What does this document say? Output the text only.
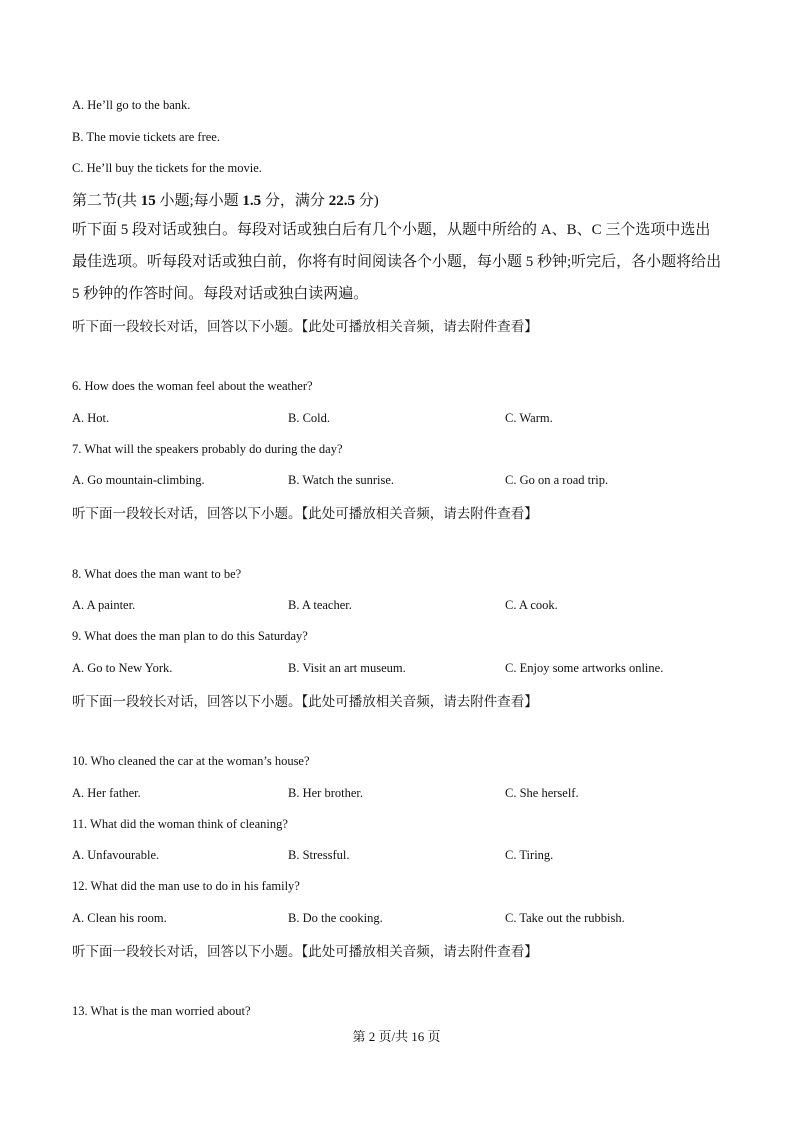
A. He’ll go to the bank.
B. The movie tickets are free.
C. He’ll buy the tickets for the movie.
第二节(共 15 小题;每小题 1.5 分，满分 22.5 分)
听下面 5 段对话或独白。每段对话或独白后有几个小题，从题中所给的 A、B、C 三个选项中选出最佳选项。听每段对话或独白前，你将有时间阅读各个小题，每小题 5 秒钟;听完后，各小题将给出 5 秒钟的作答时间。每段对话或独白读两遍。
听下面一段较长对话，回答以下小题。【此处可播放相关音频，请去附件查看】
6. How does the woman feel about the weather?
A. Hot.	B. Cold.	C. Warm.
7. What will the speakers probably do during the day?
A. Go mountain-climbing.	B. Watch the sunrise.	C. Go on a road trip.
听下面一段较长对话，回答以下小题。【此处可播放相关音频，请去附件查看】
8. What does the man want to be?
A. A painter.	B. A teacher.	C. A cook.
9. What does the man plan to do this Saturday?
A. Go to New York.	B. Visit an art museum.	C. Enjoy some artworks online.
听下面一段较长对话，回答以下小题。【此处可播放相关音频，请去附件查看】
10. Who cleaned the car at the woman’s house?
A. Her father.	B. Her brother.	C. She herself.
11. What did the woman think of cleaning?
A. Unfavourable.	B. Stressful.	C. Tiring.
12. What did the man use to do in his family?
A. Clean his room.	B. Do the cooking.	C. Take out the rubbish.
听下面一段较长对话，回答以下小题。【此处可播放相关音频，请去附件查看】
13. What is the man worried about?
第 2 页/共 16 页
